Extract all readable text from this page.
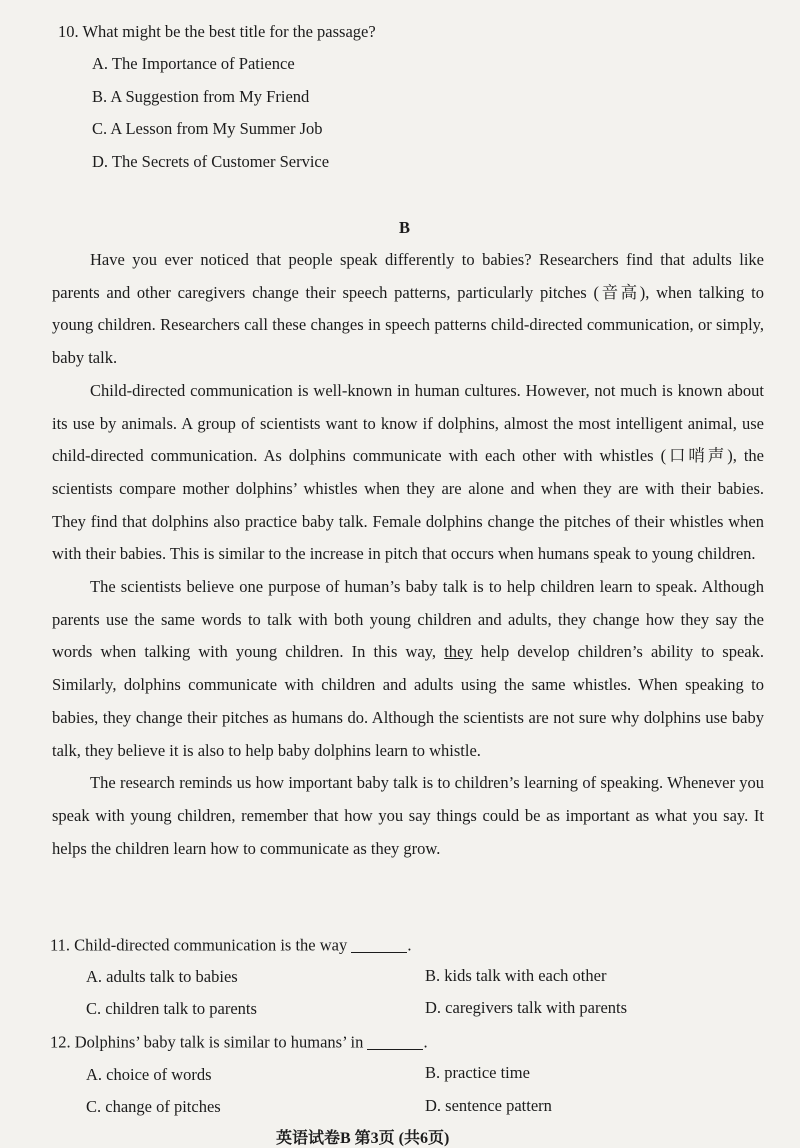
10. What might be the best title for the passage?
A. The Importance of Patience
B. A Suggestion from My Friend
C. A Lesson from My Summer Job
D. The Secrets of Customer Service
B

Have you ever noticed that people speak differently to babies? Researchers find that adults like parents and other caregivers change their speech patterns, particularly pitches (音高), when talking to young children. Researchers call these changes in speech patterns child-directed communication, or simply, baby talk.

Child-directed communication is well-known in human cultures. However, not much is known about its use by animals. A group of scientists want to know if dolphins, almost the most intelligent animal, use child-directed communication. As dolphins communicate with each other with whistles (口哨声), the scientists compare mother dolphins’ whistles when they are alone and when they are with their babies. They find that dolphins also practice baby talk. Female dolphins change the pitches of their whistles when with their babies. This is similar to the increase in pitch that occurs when humans speak to young children.

The scientists believe one purpose of human’s baby talk is to help children learn to speak. Although parents use the same words to talk with both young children and adults, they change how they say the words when talking with young children. In this way, they help develop children’s ability to speak. Similarly, dolphins communicate with children and adults using the same whistles. When speaking to babies, they change their pitches as humans do. Although the scientists are not sure why dolphins use baby talk, they believe it is also to help baby dolphins learn to whistle.

The research reminds us how important baby talk is to children’s learning of speaking. Whenever you speak with young children, remember that how you say things could be as important as what you say. It helps the children learn how to communicate as they grow.

11. Child-directed communication is the way	.
A. adults talk to babies	B. kids talk with each other
C. children talk to parents	D. caregivers talk with parents
12. Dolphins’ baby talk is similar to humans’ in	.
A. choice of words	B. practice time
C. change of pitches	D. sentence pattern
英语试卷B 第3页 (共6页)
